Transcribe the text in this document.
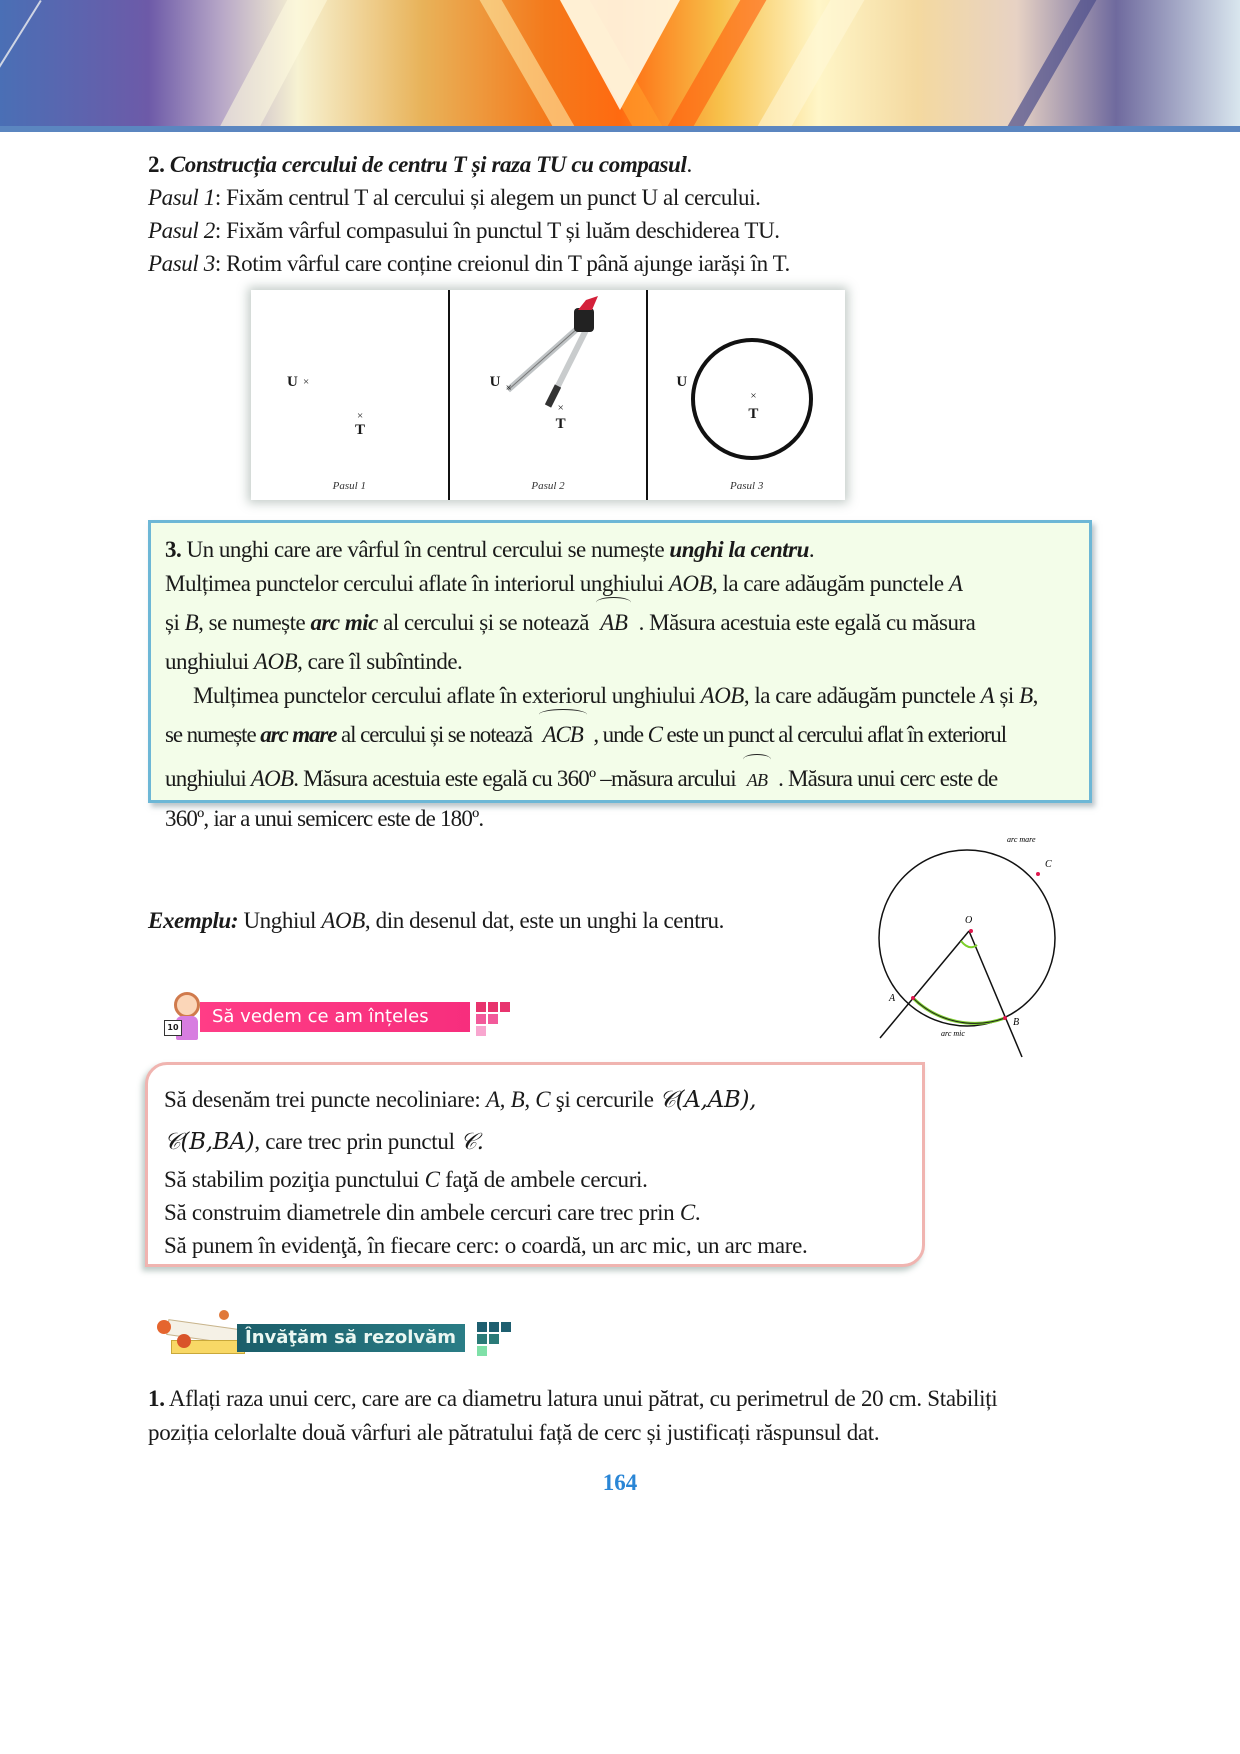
2. Construcția cercului de centru T și raza TU cu compasul.

Pasul 1: Fixăm centrul T al cercului și alegem un punct U al cercului.

Pasul 2: Fixăm vârful compasului în punctul T și luăm deschiderea TU.

Pasul 3: Rotim vârful care conține creionul din T până ajunge iarăși în T.

U ×
×
T
Pasul 1
U ×
×
T
Pasul 2
U
×
T
Pasul 3

3. Un unghi care are vârful în centrul cercului se numește unghi la centru.

Mulțimea punctelor cercului aflate în interiorul unghiului AOB, la care adăugăm punctele A

și B, se numește arc mic al cercului și se notează AB . Măsura acestuia este egală cu măsura

unghiului AOB, care îl subîntinde.

Mulțimea punctelor cercului aflate în exteriorul unghiului AOB, la care adăugăm punctele A și B,

se numește arc mare al cercului și se notează ACB , unde C este un punct al cercului aflat în exteriorul

unghiului AOB. Măsura acestuia este egală cu 360º –măsura arcului AB . Măsura unui cerc este de

360º, iar a unui semicerc este de 180º.

Exemplu: Unghiul AOB, din desenul dat, este un unghi la centru.	O
A
B
C
arc mare
arc mic
Să vedem ce am înțeles
10

Să desenăm trei puncte necoliniare: A, B, C şi cercurile 𝒞(A,AB),

𝒞(B,BA), care trec prin punctul 𝒞.

Să stabilim poziţia punctului C faţă de ambele cercuri.

Să construim diametrele din ambele cercuri care trec prin C.

Să punem în evidenţă, în fiecare cerc: o coardă, un arc mic, un arc mare.

Învăţăm să rezolvăm

1. Aflați raza unui cerc, care are ca diametru latura unui pătrat, cu perimetrul de 20 cm. Stabiliți

poziția celorlalte două vârfuri ale pătratului față de cerc și justificați răspunsul dat.

164
